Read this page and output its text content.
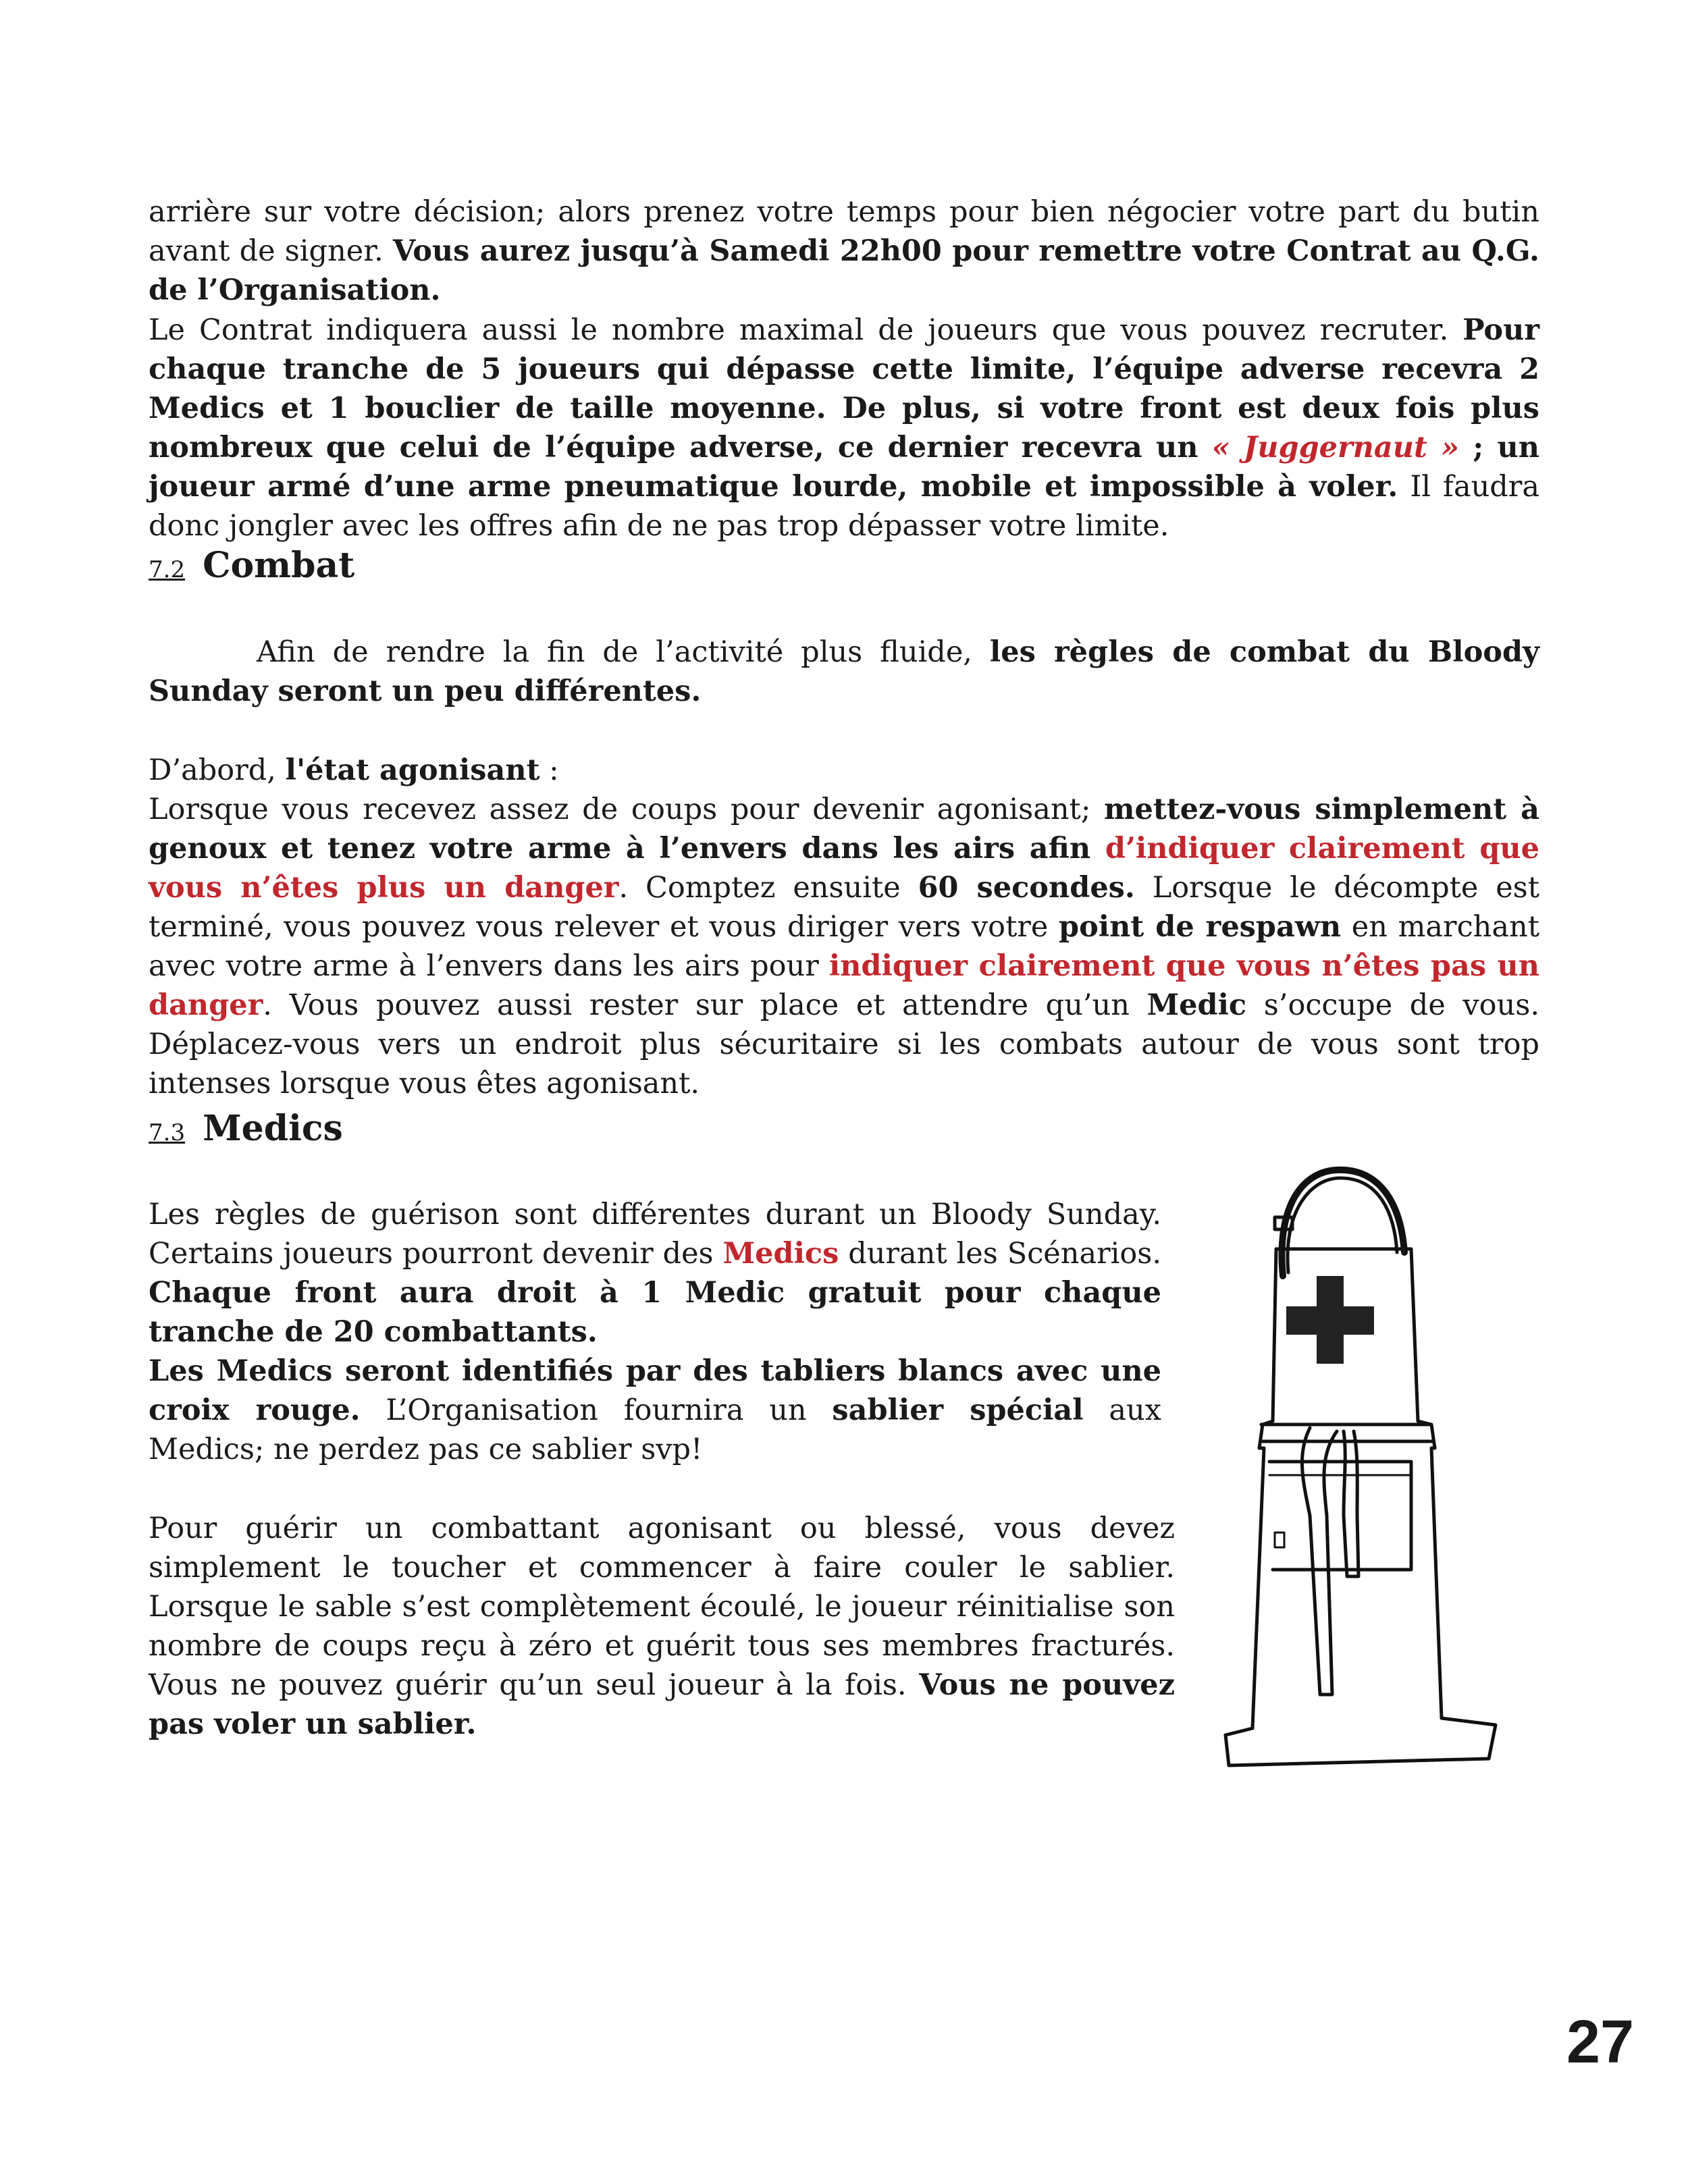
arrière sur votre décision; alors prenez votre temps pour bien négocier votre part du butin avant de signer. Vous aurez jusqu’à Samedi 22h00 pour remettre votre Contrat au Q.G. de l’Organisation.

Le Contrat indiquera aussi le nombre maximal de joueurs que vous pouvez recruter. Pour chaque tranche de 5 joueurs qui dépasse cette limite, l’équipe adverse recevra 2 Medics et 1 bouclier de taille moyenne. De plus, si votre front est deux fois plus nombreux que celui de l’équipe adverse, ce dernier recevra un « Juggernaut » ; un joueur armé d’une arme pneumatique lourde, mobile et impossible à voler. Il faudra donc jongler avec les offres afin de ne pas trop dépasser votre limite.

7.2 Combat

Afin de rendre la fin de l’activité plus fluide, les règles de combat du Bloody Sunday seront un peu différentes.

D’abord, l'état agonisant :
Lorsque vous recevez assez de coups pour devenir agonisant; mettez-vous simplement à genoux et tenez votre arme à l’envers dans les airs afin d’indiquer clairement que vous n’êtes plus un danger. Comptez ensuite 60 secondes. Lorsque le décompte est terminé, vous pouvez vous relever et vous diriger vers votre point de respawn en marchant avec votre arme à l’envers dans les airs pour indiquer clairement que vous n’êtes pas un danger. Vous pouvez aussi rester sur place et attendre qu’un Medic s’occupe de vous. Déplacez-vous vers un endroit plus sécuritaire si les combats autour de vous sont trop intenses lorsque vous êtes agonisant.

7.3 Medics

Les règles de guérison sont différentes durant un Bloody Sunday. Certains joueurs pourront devenir des Medics durant les Scénarios. Chaque front aura droit à 1 Medic gratuit pour chaque tranche de 20 combattants.

Les Medics seront identifiés par des tabliers blancs avec une croix rouge. L’Organisation fournira un sablier spécial aux Medics; ne perdez pas ce sablier svp!

Pour guérir un combattant agonisant ou blessé, vous devez simplement le toucher et commencer à faire couler le sablier. Lorsque le sable s’est complètement écoulé, le joueur réinitialise son nombre de coups reçu à zéro et guérit tous ses membres fracturés. Vous ne pouvez guérir qu’un seul joueur à la fois. Vous ne pouvez pas voler un sablier.

27
